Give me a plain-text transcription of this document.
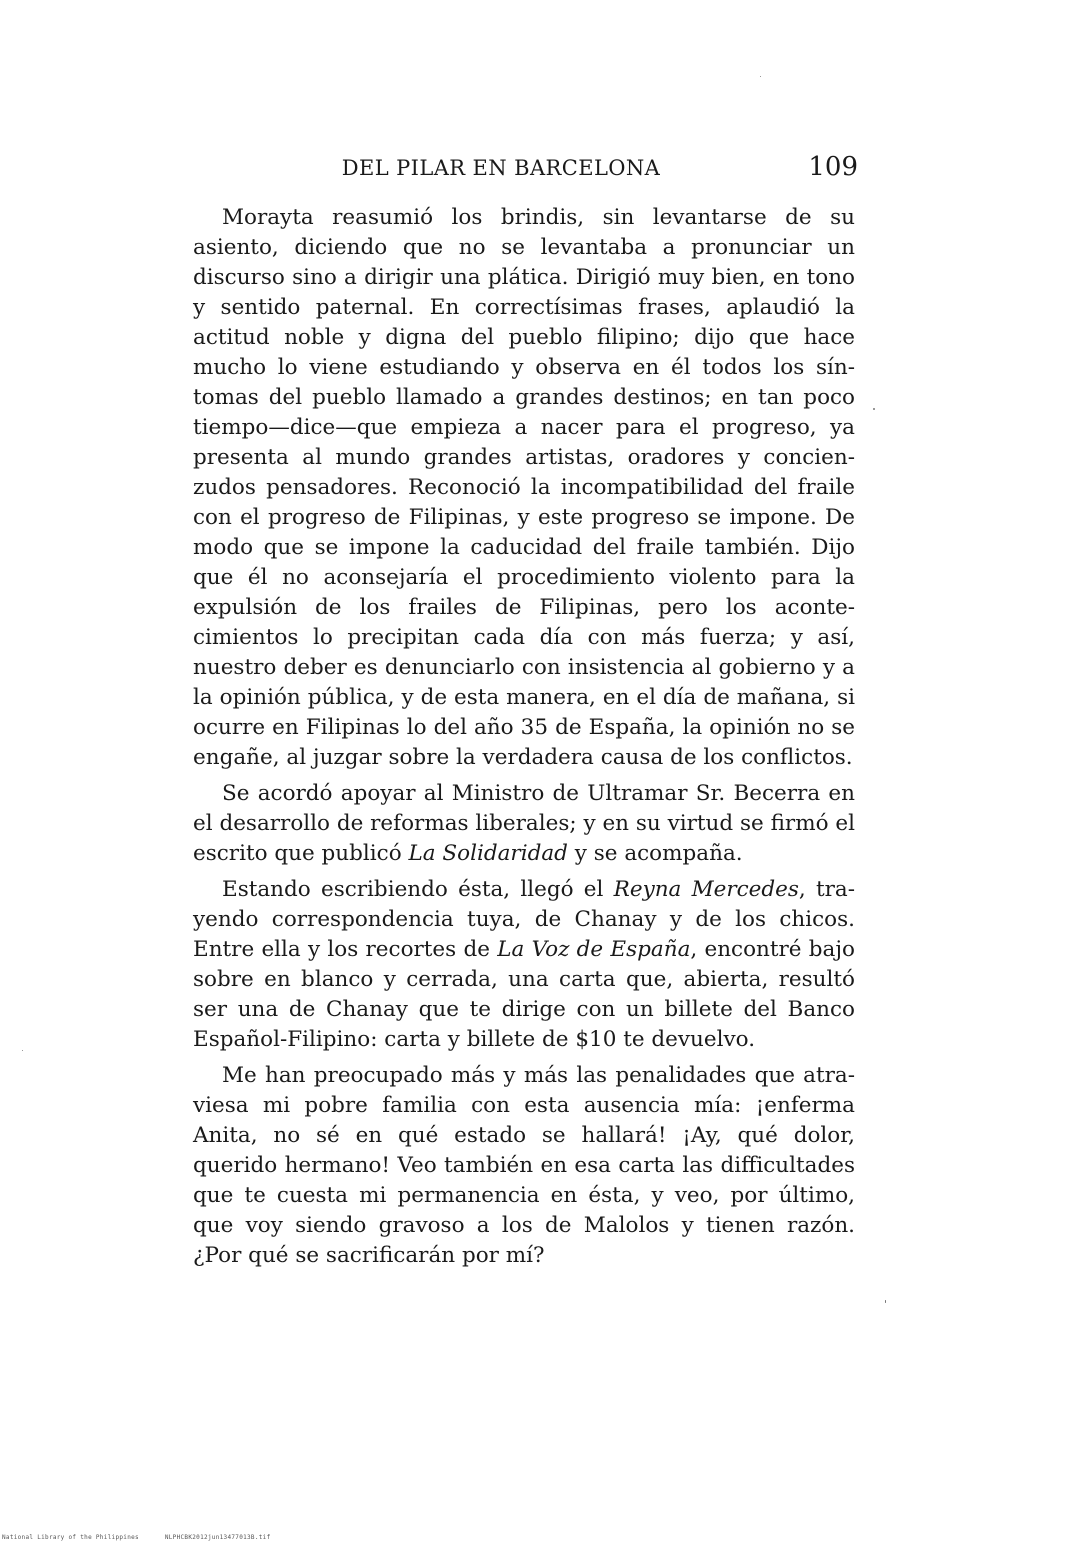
DEL PILAR EN BARCELONA	109

Morayta reasumió los brindis, sin levantarse de su asiento, diciendo que no se levantaba a pronunciar un discurso sino a dirigir una plática. Dirigió muy bien, en tono y sentido paternal. En correctísimas frases, aplaudió la actitud noble y digna del pueblo filipino; dijo que hace mucho lo viene estudiando y observa en él todos los síntomas del pueblo llamado a grandes destinos; en tan poco tiempo—dice—que empieza a nacer para el progreso, ya presenta al mundo grandes artistas, oradores y concienzudos pensadores. Reconoció la incompatibilidad del fraile con el progreso de Filipinas, y este progreso se impone. De modo que se impone la caducidad del fraile también. Dijo que él no aconsejaría el procedimiento violento para la expulsión de los frailes de Filipinas, pero los acontecimientos lo precipitan cada día con más fuerza; y así, nuestro deber es denunciarlo con insistencia al gobierno y a la opinión pública, y de esta manera, en el día de mañana, si ocurre en Filipinas lo del año 35 de España, la opinión no se engañe, al juzgar sobre la verdadera causa de los conflictos.

Se acordó apoyar al Ministro de Ultramar Sr. Becerra en el desarrollo de reformas liberales; y en su virtud se firmó el escrito que publicó La Solidaridad y se acompaña.

Estando escribiendo ésta, llegó el Reyna Mercedes, trayendo correspondencia tuya, de Chanay y de los chicos. Entre ella y los recortes de La Voz de España, encontré bajo sobre en blanco y cerrada, una carta que, abierta, resultó ser una de Chanay que te dirige con un billete del Banco Español-Filipino: carta y billete de $10 te devuelvo.

Me han preocupado más y más las penalidades que atraviesa mi pobre familia con esta ausencia mía: ¡enferma Anita, no sé en qué estado se hallará! ¡Ay, qué dolor, querido hermano! Veo también en esa carta las difficultades que te cuesta mi permanencia en ésta, y veo, por último, que voy siendo gravoso a los de Malolos y tienen razón. ¿Por qué se sacrificarán por mí?

National Library of the Philippines	NLPHCBK2012jun13477013B.tif
